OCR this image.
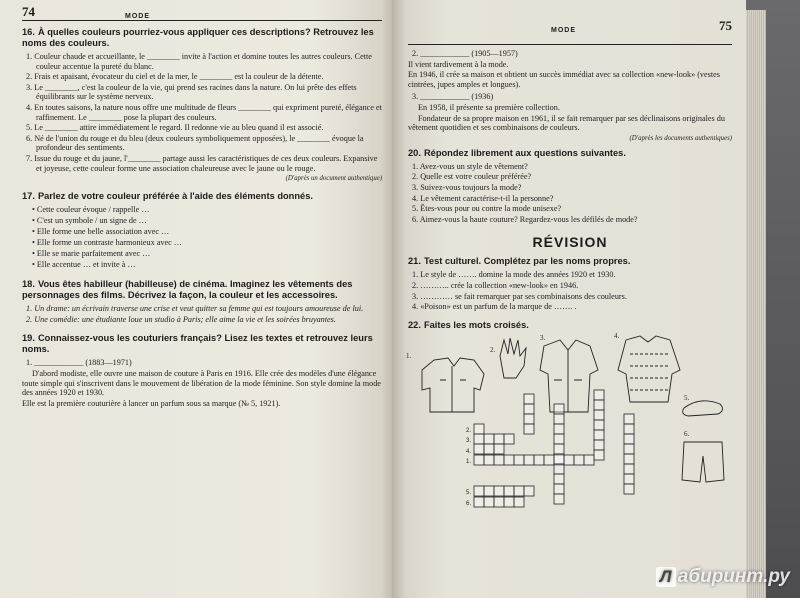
74	MODE
16. À quelles couleurs pourriez-vous appliquer ces descriptions? Retrouvez les noms des couleurs.
1. Couleur chaude et accueillante, le ________ invite à l'action et domine toutes les autres couleurs. Cette couleur accentue la pureté du blanc.
2. Frais et apaisant, évocateur du ciel et de la mer, le ________ est la couleur de la détente.
3. Le ________, c'est la couleur de la vie, qui prend ses racines dans la nature. On lui prête des effets équilibrants sur le système nerveux.
4. En toutes saisons, la nature nous offre une multitude de fleurs ________ qui expriment pureté, élégance et raffinement. Le ________ pose la plupart des couleurs.
5. Le ________ attire immédiatement le regard. Il redonne vie au bleu quand il est associé.
6. Né de l'union du rouge et du bleu (deux couleurs symboliquement opposées), le ________ évoque la profondeur des sentiments.
7. Issue du rouge et du jaune, l'________ partage aussi les caractéristiques de ces deux couleurs. Expansive et joyeuse, cette couleur forme une association chaleureuse avec le jaune ou le rouge.
(D'après un document authentique)
17. Parlez de votre couleur préférée à l'aide des éléments donnés.
• Cette couleur évoque / rappelle …
• C'est un symbole / un signe de …
• Elle forme une belle association avec …
• Elle forme un contraste harmonieux avec …
• Elle se marie parfaitement avec …
• Elle accentue … et invite à …
18. Vous êtes habilleur (habilleuse) de cinéma. Imaginez les vêtements des personnages des films. Décrivez la façon, la couleur et les accessoires.
1. Un drame: un écrivain traverse une crise et veut quitter sa femme qui est toujours amoureuse de lui.
2. Une comédie: une étudiante loue un studio à Paris; elle aime la vie et les soirées bruyantes.
19. Connaissez-vous les couturiers français? Lisez les textes et retrouvez leurs noms.
1. ____________ (1883—1971)
D'abord modiste, elle ouvre une maison de couture à Paris en 1916. Elle crée des modèles d'une élégance toute simple qui s'inscrivent dans le mouvement de libération de la mode féminine. Son style domine la mode des années 1920 et 1930.
Elle est la première couturière à lancer un parfum sous sa marque (№ 5, 1921).
MODE	75
2. ____________ (1905—1957)
Il vient tardivement à la mode.
En 1946, il crée sa maison et obtient un succès immédiat avec sa collection «new-look» (vestes cintrées, jupes amples et longues).
3. ____________ (1936)
En 1958, il présente sa première collection.
Fondateur de sa propre maison en 1961, il se fait remarquer par ses déclinaisons originales du vêtement quotidien et ses combinaisons de couleurs.
(D'après les documents authentiques)
20. Répondez librement aux questions suivantes.
1. Avez-vous un style de vêtement?
2. Quelle est votre couleur préférée?
3. Suivez-vous toujours la mode?
4. Le vêtement caractérise-t-il la personne?
5. Êtes-vous pour ou contre la mode unisexe?
6. Aimez-vous la haute couture? Regardez-vous les défilés de mode?
RÉVISION
21. Test culturel. Complétez par les noms propres.
1. Le style de ……. domine la mode des années 1920 et 1930.
2. ……….. crée la collection «new-look» en 1946.
3. ………… se fait remarquer par ses combinaisons des couleurs.
4. «Poison» est un parfum de la marque de ……. .
22. Faites les mots croisés.
1.
2.
3.	4.
5.
6.
2.
3.
4.
1.
5.
6.
Л абиринт.ру
